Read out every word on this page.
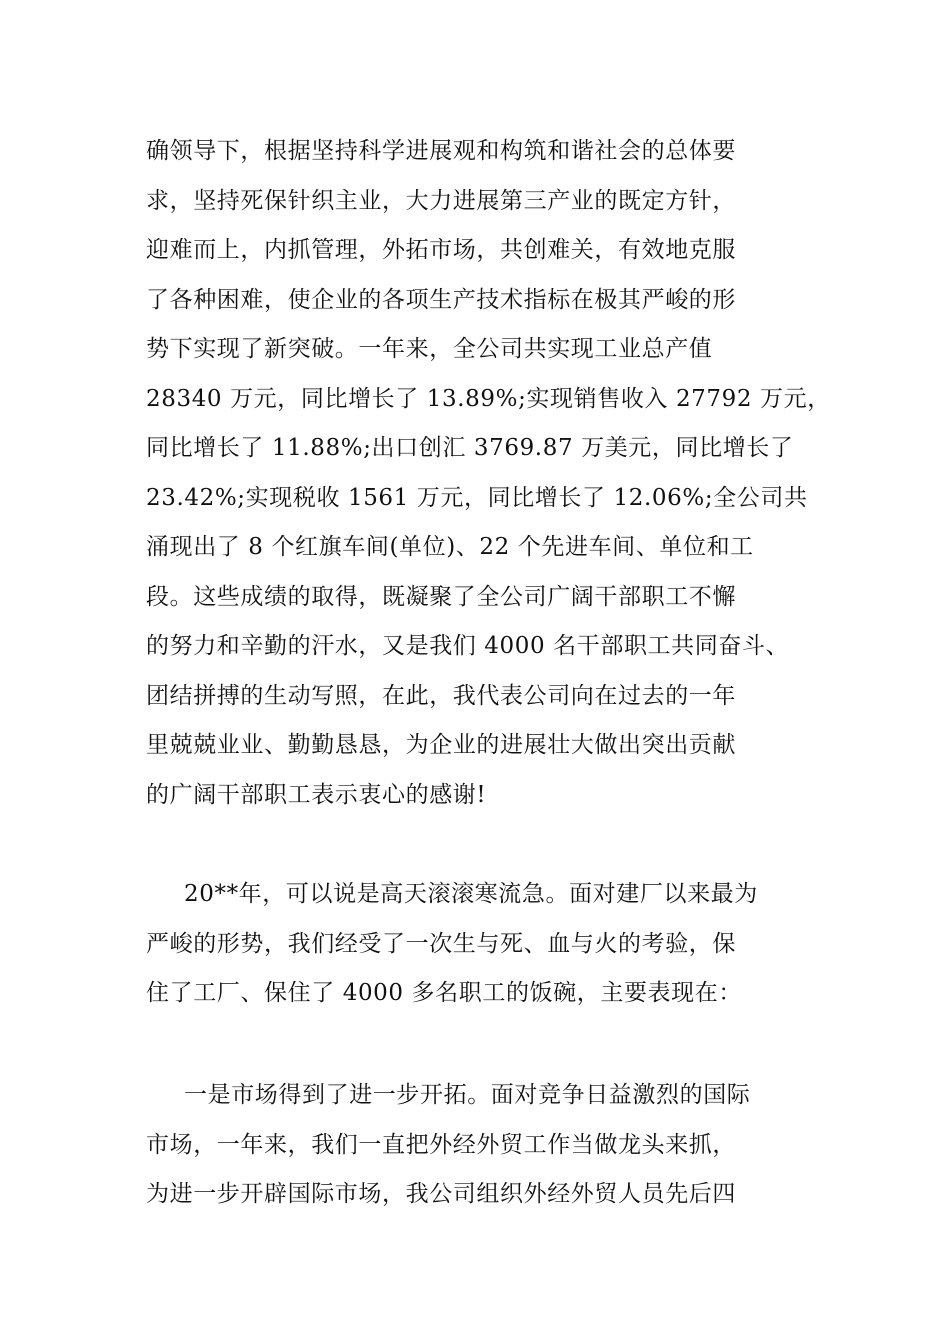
确领导下，根据坚持科学进展观和构筑和谐社会的总体要
求，坚持死保针织主业，大力进展第三产业的既定方针，
迎难而上，内抓管理，外拓市场，共创难关，有效地克服
了各种困难，使企业的各项生产技术指标在极其严峻的形
势下实现了新突破。一年来，全公司共实现工业总产值
28340 万元，同比增长了 13.89%;实现销售收入 27792 万元，
同比增长了 11.88%;出口创汇 3769.87 万美元，同比增长了
23.42%;实现税收 1561 万元，同比增长了 12.06%;全公司共
涌现出了 8 个红旗车间(单位)、22 个先进车间、单位和工
段。这些成绩的取得，既凝聚了全公司广阔干部职工不懈
的努力和辛勤的汗水，又是我们 4000 名干部职工共同奋斗、
团结拼搏的生动写照，在此，我代表公司向在过去的一年
里兢兢业业、勤勤恳恳，为企业的进展壮大做出突出贡献
的广阔干部职工表示衷心的感谢!
20**年，可以说是高天滚滚寒流急。面对建厂以来最为
严峻的形势，我们经受了一次生与死、血与火的考验，保
住了工厂、保住了 4000 多名职工的饭碗，主要表现在：
一是市场得到了进一步开拓。面对竞争日益激烈的国际
市场，一年来，我们一直把外经外贸工作当做龙头来抓，
为进一步开辟国际市场，我公司组织外经外贸人员先后四
